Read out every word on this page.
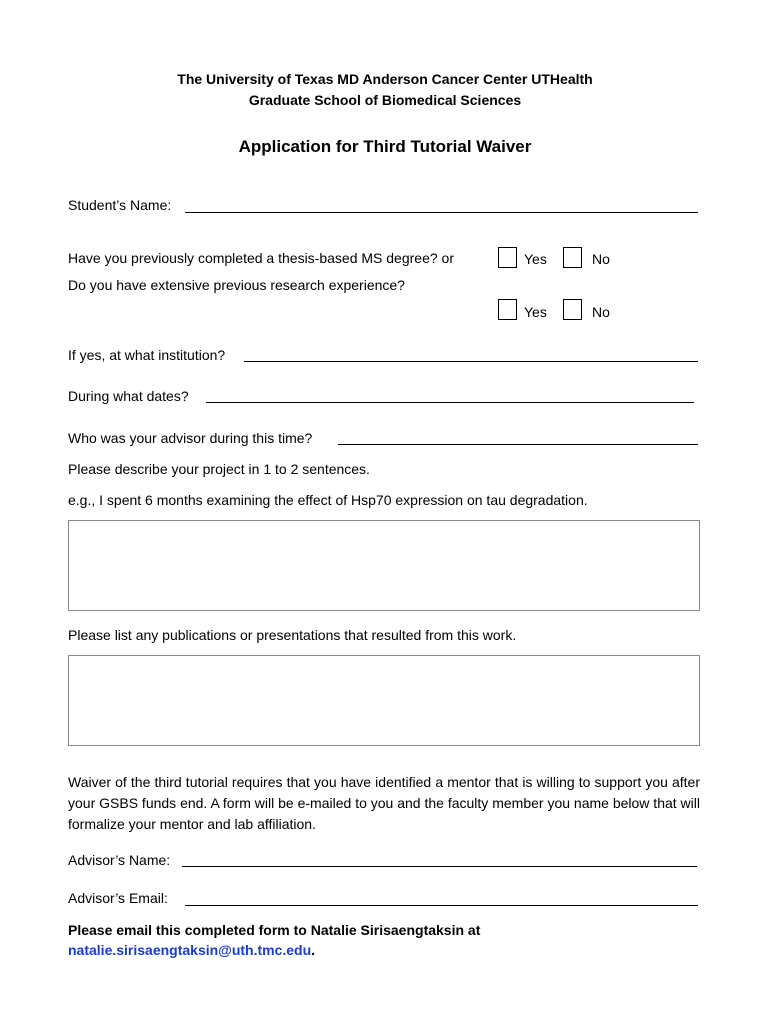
The University of Texas MD Anderson Cancer Center UTHealth
Graduate School of Biomedical Sciences
Application for Third Tutorial Waiver
Student’s Name:
Have you previously completed a thesis-based MS degree? or	Yes	No
Do you have extensive previous research experience?
Yes	No
If yes, at what institution?
During what dates?
Who was your advisor during this time?
Please describe your project in 1 to 2 sentences.
e.g., I spent 6 months examining the effect of Hsp70 expression on tau degradation.
Please list any publications or presentations that resulted from this work.
Waiver of the third tutorial requires that you have identified a mentor that is willing to support you after your GSBS funds end. A form will be e-mailed to you and the faculty member you name below that will formalize your mentor and lab affiliation.
Advisor’s Name:
Advisor’s Email:
Please email this completed form to Natalie Sirisaengtaksin at
natalie.sirisaengtaksin@uth.tmc.edu.
